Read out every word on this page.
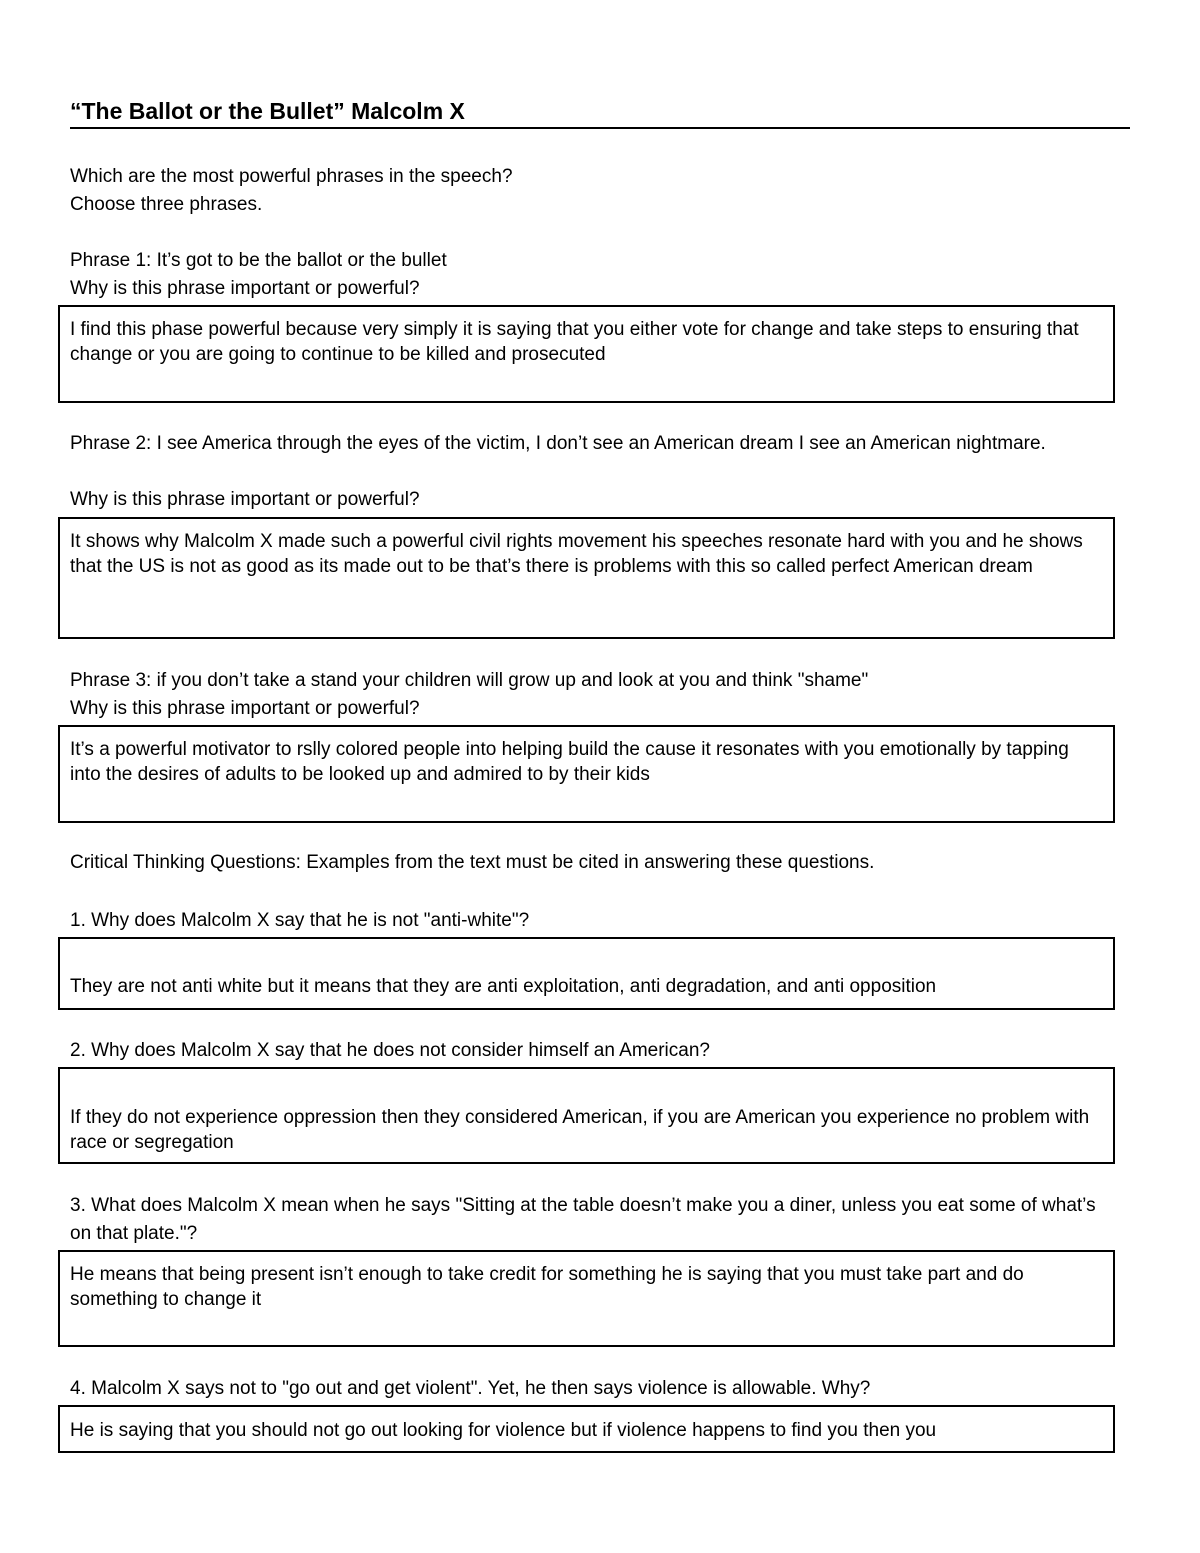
“The Ballot or the Bullet” Malcolm X
Which are the most powerful phrases in the speech?
Choose three phrases.
Phrase 1: It’s got to be the ballot or the bullet
Why is this phrase important or powerful?
I find this phase powerful because very simply it is saying that you either vote for change and take steps to ensuring that change or you are going to continue to be killed and prosecuted
Phrase 2: I see America through the eyes of the victim, I don’t see an American dream I see an American nightmare.
Why is this phrase important or powerful?
It shows why Malcolm X made such a powerful civil rights movement his speeches resonate hard with you and he shows that the US is not as good as its made out to be that’s there is problems with this so called perfect American dream
Phrase 3: if you don’t take a stand your children will grow up and look at you and think "shame"
Why is this phrase important or powerful?
It’s a powerful motivator to rslly colored people into helping build the cause it resonates with you emotionally by tapping into the desires of adults to be looked up and admired to by their kids
Critical Thinking Questions: Examples from the text must be cited in answering these questions.
1. Why does Malcolm X say that he is not "anti-white"?
They are not anti white but it means that they are anti exploitation, anti degradation, and anti opposition
2. Why does Malcolm X say that he does not consider himself an American?
If they do not experience oppression then they considered American, if you are American you experience no problem with race or segregation
3. What does Malcolm X mean when he says "Sitting at the table doesn’t make you a diner, unless you eat some of what’s on that plate."?
He means that being present isn’t enough to take credit for something he is saying that you must take part and do something to change it
4. Malcolm X says not to "go out and get violent". Yet, he then says violence is allowable. Why?
He is saying that you should not go out looking for violence but if violence happens to find you then you
